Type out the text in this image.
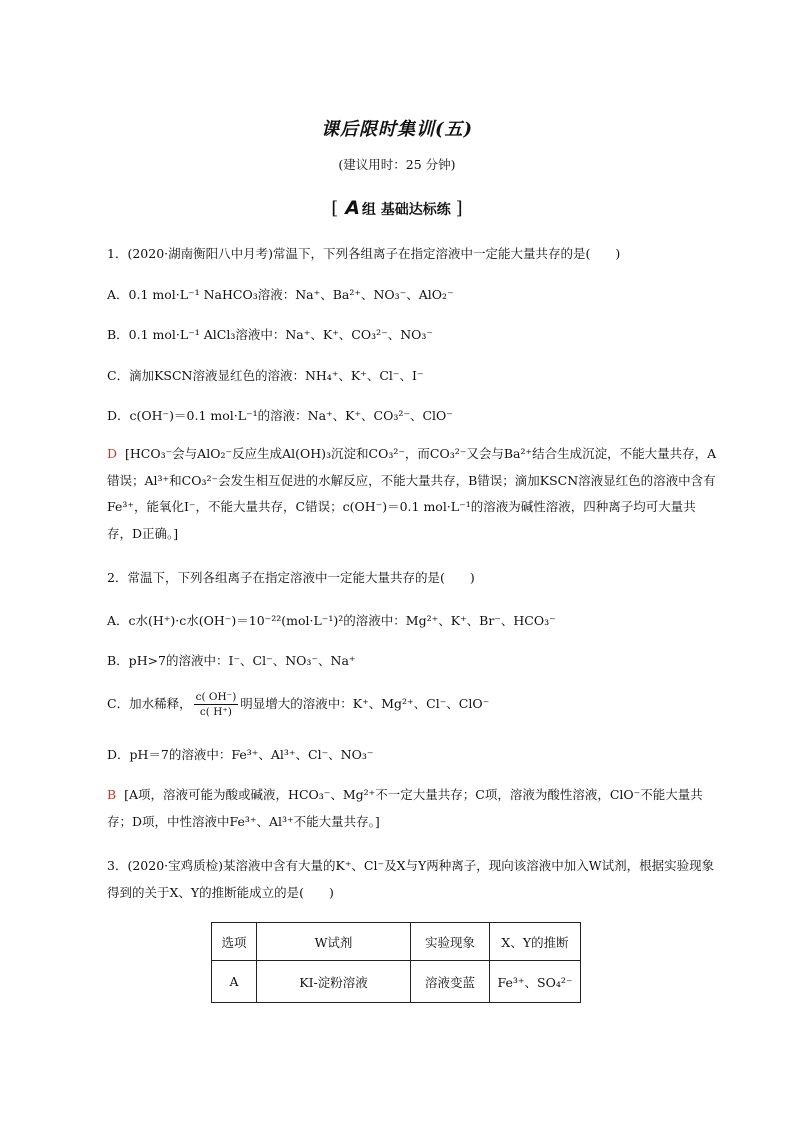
课后限时集训(五)
(建议用时：25 分钟)
[ A 组 基础达标练 ]
1．(2020·湖南衡阳八中月考)常温下，下列各组离子在指定溶液中一定能大量共存的是(　　)
A．0.1 mol·L⁻¹ NaHCO₃溶液：Na⁺、Ba²⁺、NO₃⁻、AlO₂⁻
B．0.1 mol·L⁻¹ AlCl₃溶液中：Na⁺、K⁺、CO₃²⁻、NO₃⁻
C．滴加KSCN溶液显红色的溶液：NH₄⁺、K⁺、Cl⁻、I⁻
D．c(OH⁻)＝0.1 mol·L⁻¹的溶液：Na⁺、K⁺、CO₃²⁻、ClO⁻
D [HCO₃⁻会与AlO₂⁻反应生成Al(OH)₃沉淀和CO₃²⁻，而CO₃²⁻又会与Ba²⁺结合生成沉淀，不能大量共存，A错误；Al³⁺和CO₃²⁻会发生相互促进的水解反应，不能大量共存，B错误；滴加KSCN溶液显红色的溶液中含有Fe³⁺，能氧化I⁻，不能大量共存，C错误；c(OH⁻)＝0.1 mol·L⁻¹的溶液为碱性溶液，四种离子均可大量共存，D正确。]
2．常温下，下列各组离子在指定溶液中一定能大量共存的是(　　)
A．c水(H⁺)·c水(OH⁻)＝10⁻²²(mol·L⁻¹)²的溶液中：Mg²⁺、K⁺、Br⁻、HCO₃⁻
B．pH>7的溶液中：I⁻、Cl⁻、NO₃⁻、Na⁺
C．加水稀释， $\frac{c( OH^-)}{c( H^+)}$ 明显增大的溶液中：K⁺、Mg²⁺、Cl⁻、ClO⁻
D．pH＝7的溶液中：Fe³⁺、Al³⁺、Cl⁻、NO₃⁻
B [A项，溶液可能为酸或碱液，HCO₃⁻、Mg²⁺不一定大量共存；C项，溶液为酸性溶液，ClO⁻不能大量共存；D项，中性溶液中Fe³⁺、Al³⁺不能大量共存。]
3．(2020·宝鸡质检)某溶液中含有大量的K⁺、Cl⁻及X与Y两种离子，现向该溶液中加入W试剂，根据实验现象得到的关于X、Y的推断能成立的是(　　)
选项	W试剂	实验现象	X、Y的推断
A	KI-淀粉溶液	溶液变蓝	Fe³⁺、SO₄²⁻
